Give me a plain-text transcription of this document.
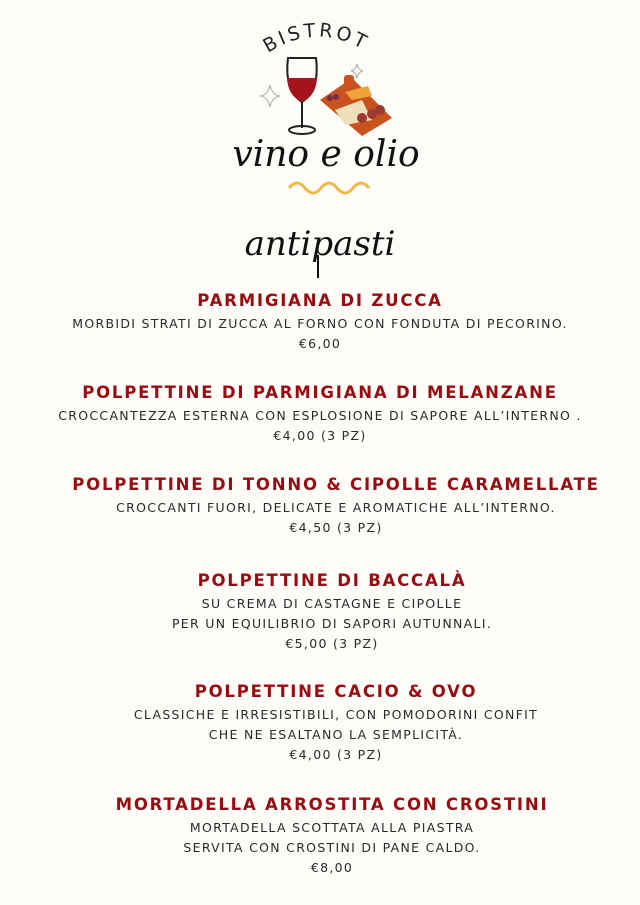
BISTROT
vino e olio
antipasti
PARMIGIANA DI ZUCCA
MORBIDI STRATI DI ZUCCA AL FORNO CON FONDUTA DI PECORINO.
€6,00
POLPETTINE DI PARMIGIANA DI MELANZANE
CROCCANTEZZA ESTERNA CON ESPLOSIONE DI SAPORE ALL’INTERNO .
€4,00 (3 PZ)
POLPETTINE DI TONNO & CIPOLLE CARAMELLATE
CROCCANTI FUORI, DELICATE E AROMATICHE ALL’INTERNO.
€4,50 (3 PZ)
POLPETTINE DI BACCALÀ
SU CREMA DI CASTAGNE E CIPOLLE
PER UN EQUILIBRIO DI SAPORI AUTUNNALI.
€5,00 (3 PZ)
POLPETTINE CACIO & OVO
CLASSICHE E IRRESISTIBILI, CON POMODORINI CONFIT
CHE NE ESALTANO LA SEMPLICITÀ.
€4,00 (3 PZ)
MORTADELLA ARROSTITA CON CROSTINI
MORTADELLA SCOTTATA ALLA PIASTRA
SERVITA CON CROSTINI DI PANE CALDO.
€8,00
